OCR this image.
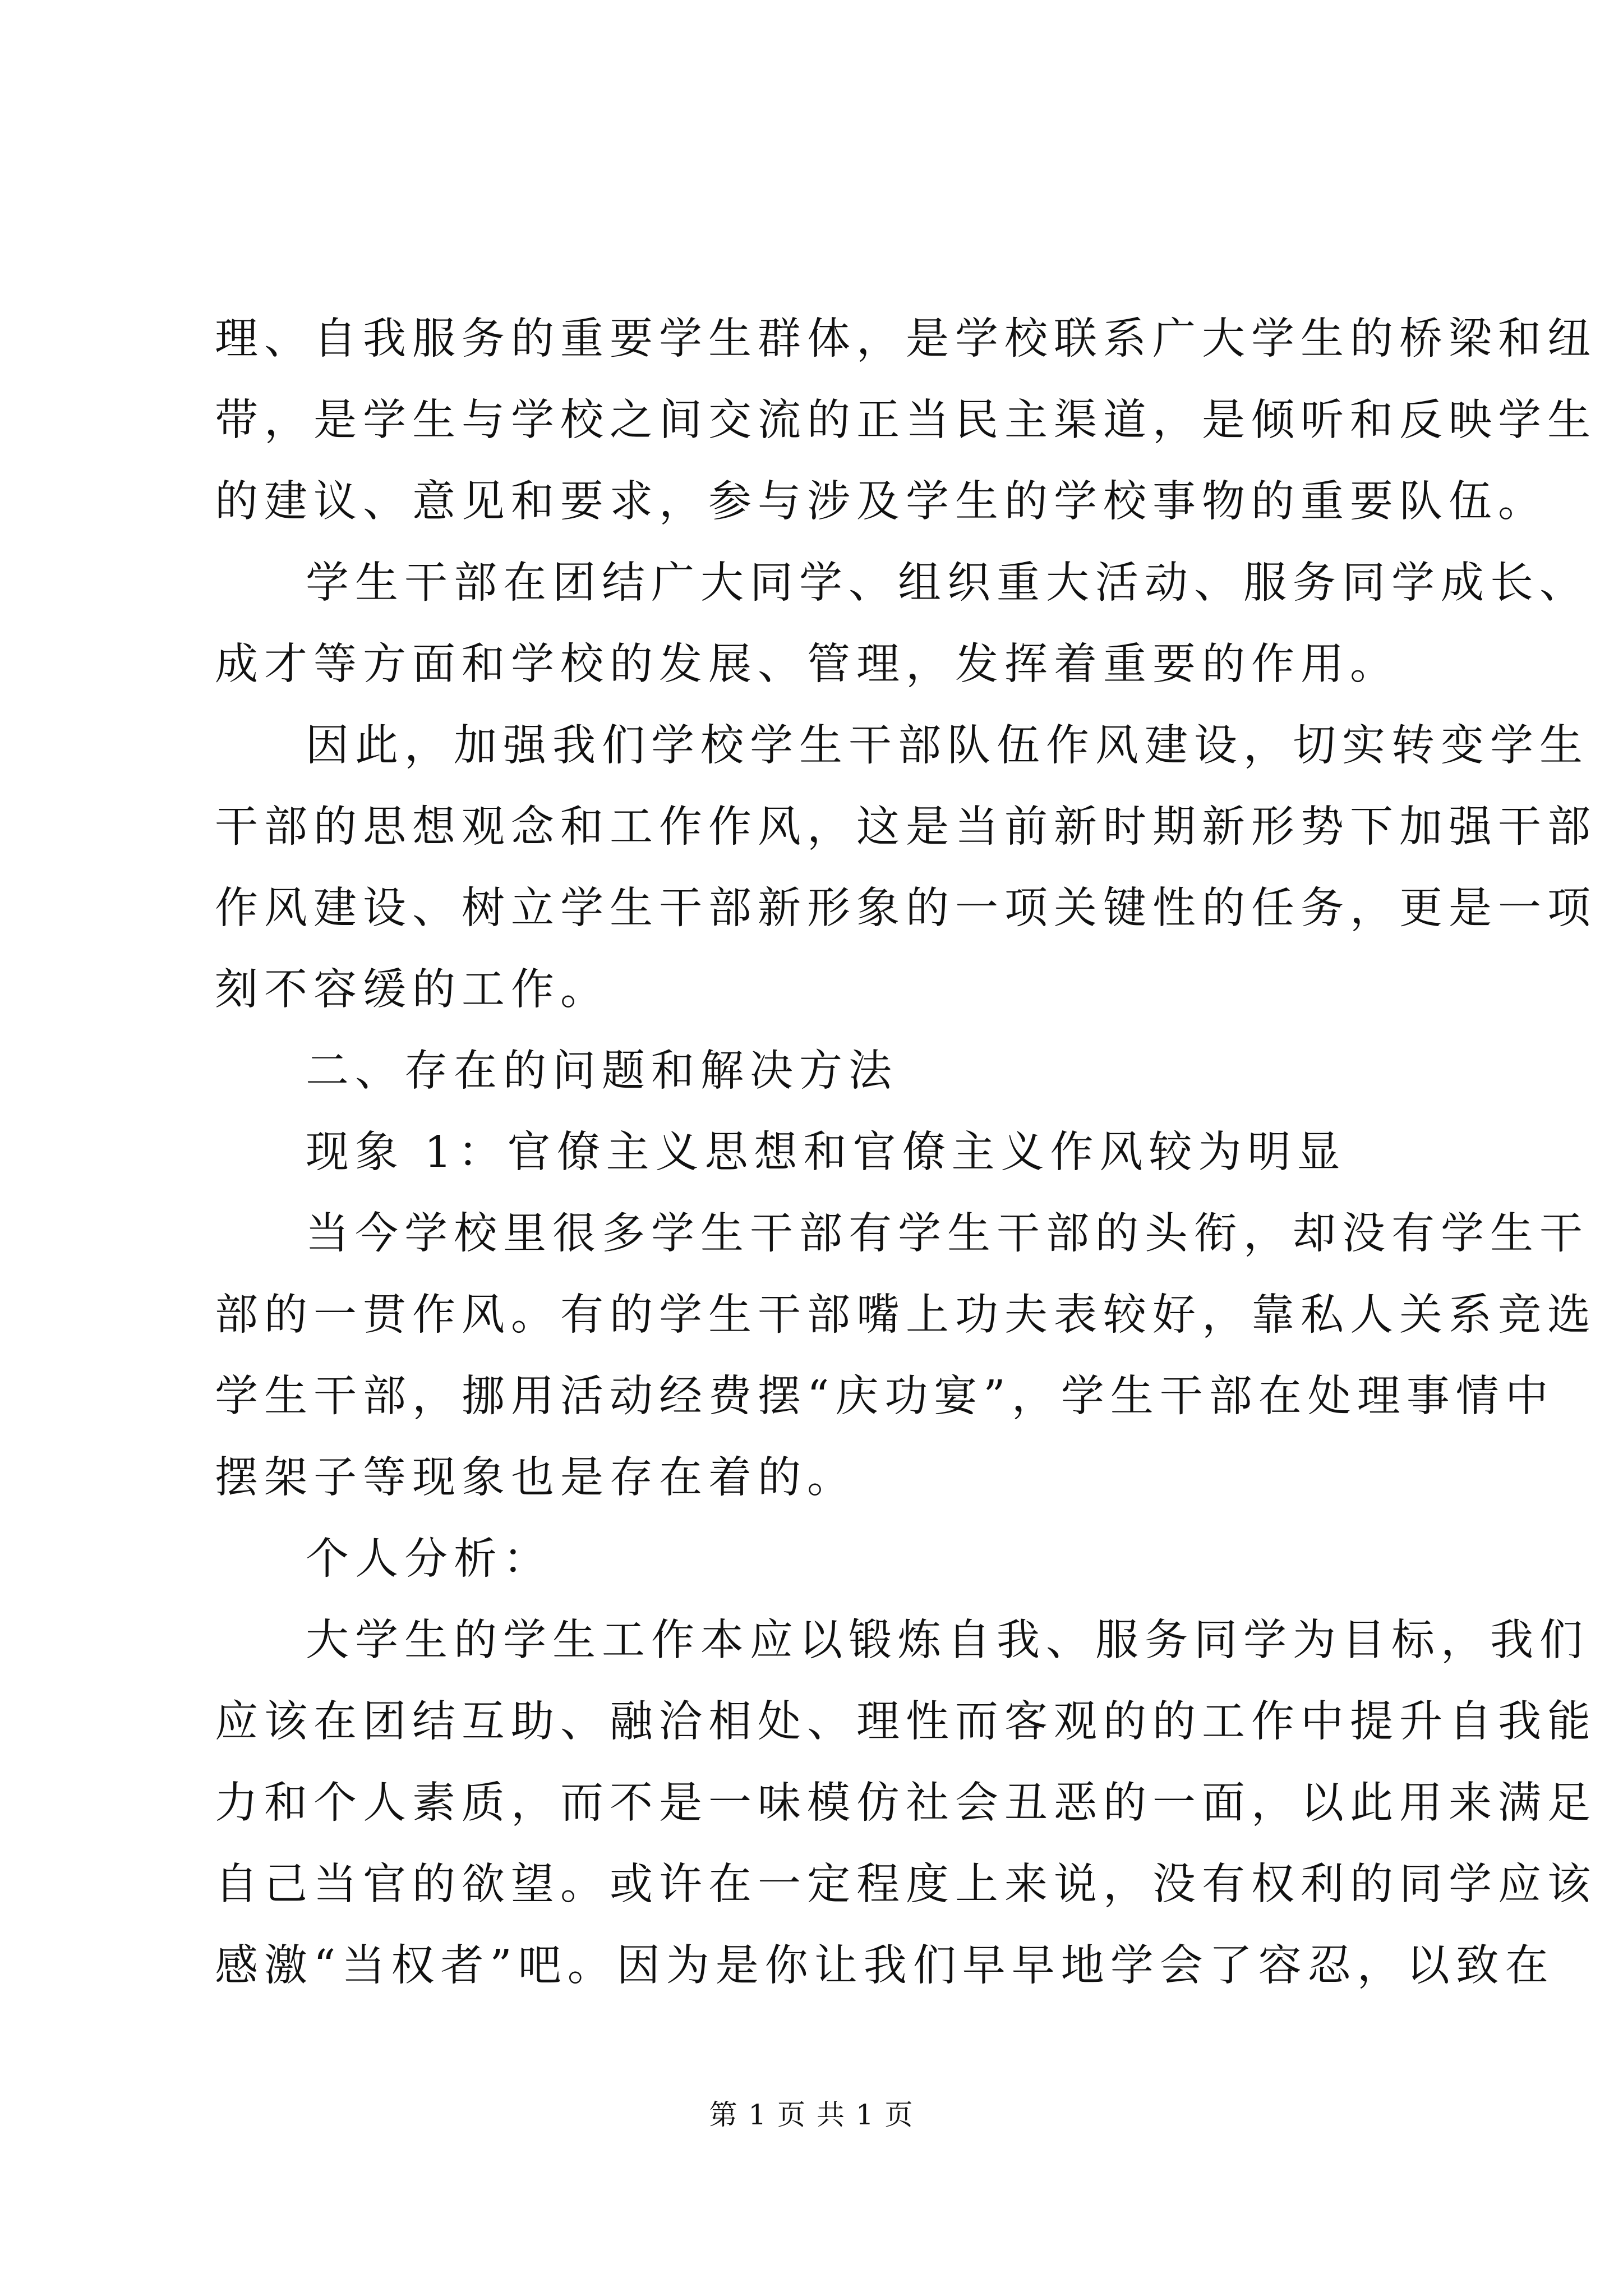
理、自我服务的重要学生群体，是学校联系广大学生的桥梁和纽
带，是学生与学校之间交流的正当民主渠道，是倾听和反映学生
的建议、意见和要求，参与涉及学生的学校事物的重要队伍。
学生干部在团结广大同学、组织重大活动、服务同学成长、
成才等方面和学校的发展、管理，发挥着重要的作用。
因此，加强我们学校学生干部队伍作风建设，切实转变学生
干部的思想观念和工作作风，这是当前新时期新形势下加强干部
作风建设、树立学生干部新形象的一项关键性的任务，更是一项
刻不容缓的工作。
二、存在的问题和解决方法
现象 1：官僚主义思想和官僚主义作风较为明显
当今学校里很多学生干部有学生干部的头衔，却没有学生干
部的一贯作风。有的学生干部嘴上功夫表较好，靠私人关系竞选
学生干部，挪用活动经费摆“庆功宴”，学生干部在处理事情中
摆架子等现象也是存在着的。
个人分析：
大学生的学生工作本应以锻炼自我、服务同学为目标，我们
应该在团结互助、融洽相处、理性而客观的的工作中提升自我能
力和个人素质，而不是一味模仿社会丑恶的一面，以此用来满足
自己当官的欲望。或许在一定程度上来说，没有权利的同学应该
感激“当权者”吧。因为是你让我们早早地学会了容忍，以致在
第 1 页 共 1 页
